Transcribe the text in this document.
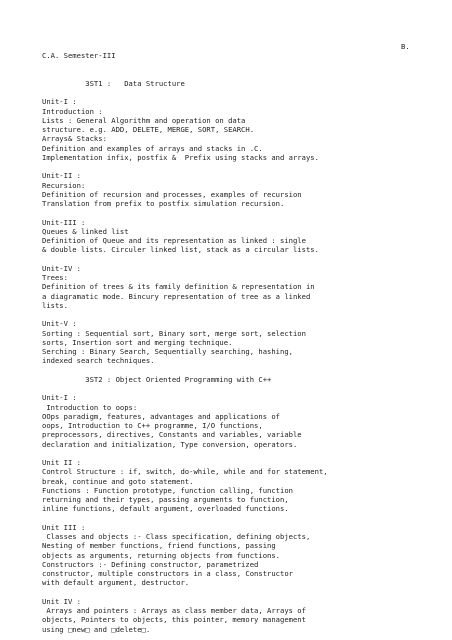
B.
C.A. Semester-III
3ST1 :   Data Structure
Unit-I :
Introduction :
Lists : General Algorithm and operation on data
structure. e.g. ADD, DELETE, MERGE, SORT, SEARCH.
Arrays& Stacks:
Definition and examples of arrays and stacks in .C.
Implementation infix, postfix &  Prefix using stacks and arrays.
Unit-II :
Recursion:
Definition of recursion and processes, examples of recursion
Translation from prefix to postfix simulation recursion.
Unit-III :
Queues & linked list
Definition of Queue and its representation as linked : single
& double lists. Circuler linked list, stack as a circular lists.
Unit-IV :
Trees:
Definition of trees & its family definition & representation in
a diagramatic mode. Bincury representation of tree as a linked
lists.
Unit-V :
Sorting : Sequential sort, Binary sort, merge sort, selection
sorts, Insertion sort and merging technique.
Serching : Binary Search, Sequentially searching, hashing,
indexed search techniques.
3ST2 : Object Oriented Programming with C++
Unit-I :
Introduction to oops:
OOps paradigm, features, advantages and applications of
oops, Introduction to C++ programme, I/O functions,
preprocessors, directives, Constants and variables, variable
declaration and initialization, Type conversion, operators.
Unit II :
Control Structure : if, switch, do-while, while and for statement,
break, continue and goto statement.
Functions : Function prototype, function calling, function
returning and their types, passing arguments to function,
inline functions, default argument, overloaded functions.
Unit III :
Classes and objects :- Class specification, defining objects,
Nesting of member functions, friend functions, passing
objects as arguments, returning objects from functions.
Constructors :- Defining constructor, parametrized
constructor, multiple constructors in a class, Constructor
with default argument, destructor.
Unit IV :
Arrays and pointers : Arrays as class member data, Arrays of
objects, Pointers to objects, this pointer, memory management
using □new□ and □delete□.
